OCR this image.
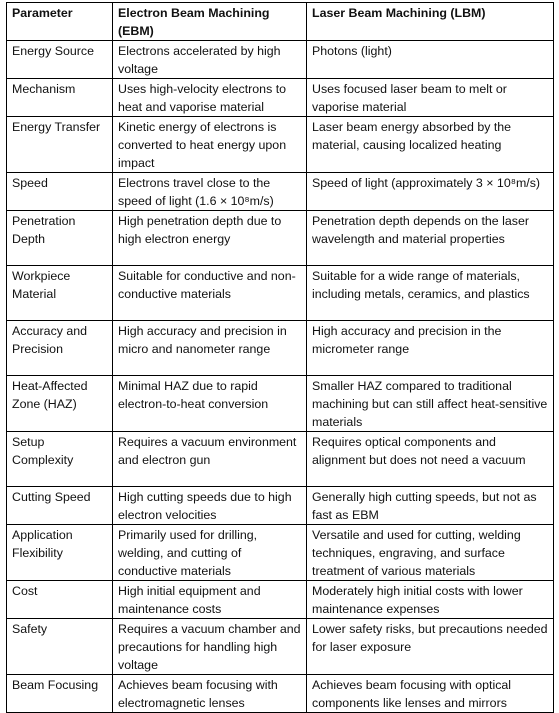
Parameter	Electron Beam Machining (EBM)	Laser Beam Machining (LBM)
Energy Source	Electrons accelerated by high voltage	Photons (light)
Mechanism	Uses high-velocity electrons to heat and vaporise material	Uses focused laser beam to melt or vaporise material
Energy Transfer	Kinetic energy of electrons is converted to heat energy upon impact	Laser beam energy absorbed by the material, causing localized heating
Speed	Electrons travel close to the speed of light (1.6 × 10⁸m/s)	Speed of light (approximately 3 × 10⁸m/s)
Penetration Depth	High penetration depth due to high electron energy	Penetration depth depends on the laser wavelength and material properties
Workpiece Material	Suitable for conductive and non-conductive materials	Suitable for a wide range of materials, including metals, ceramics, and plastics
Accuracy and Precision	High accuracy and precision in micro and nanometer range	High accuracy and precision in the micrometer range
Heat-Affected Zone (HAZ)	Minimal HAZ due to rapid electron-to-heat conversion	Smaller HAZ compared to traditional machining but can still affect heat-sensitive materials
Setup Complexity	Requires a vacuum environment and electron gun	Requires optical components and alignment but does not need a vacuum
Cutting Speed	High cutting speeds due to high electron velocities	Generally high cutting speeds, but not as fast as EBM
Application Flexibility	Primarily used for drilling, welding, and cutting of conductive materials	Versatile and used for cutting, welding techniques, engraving, and surface treatment of various materials
Cost	High initial equipment and maintenance costs	Moderately high initial costs with lower maintenance expenses
Safety	Requires a vacuum chamber and precautions for handling high voltage	Lower safety risks, but precautions needed for laser exposure
Beam Focusing	Achieves beam focusing with electromagnetic lenses	Achieves beam focusing with optical components like lenses and mirrors
